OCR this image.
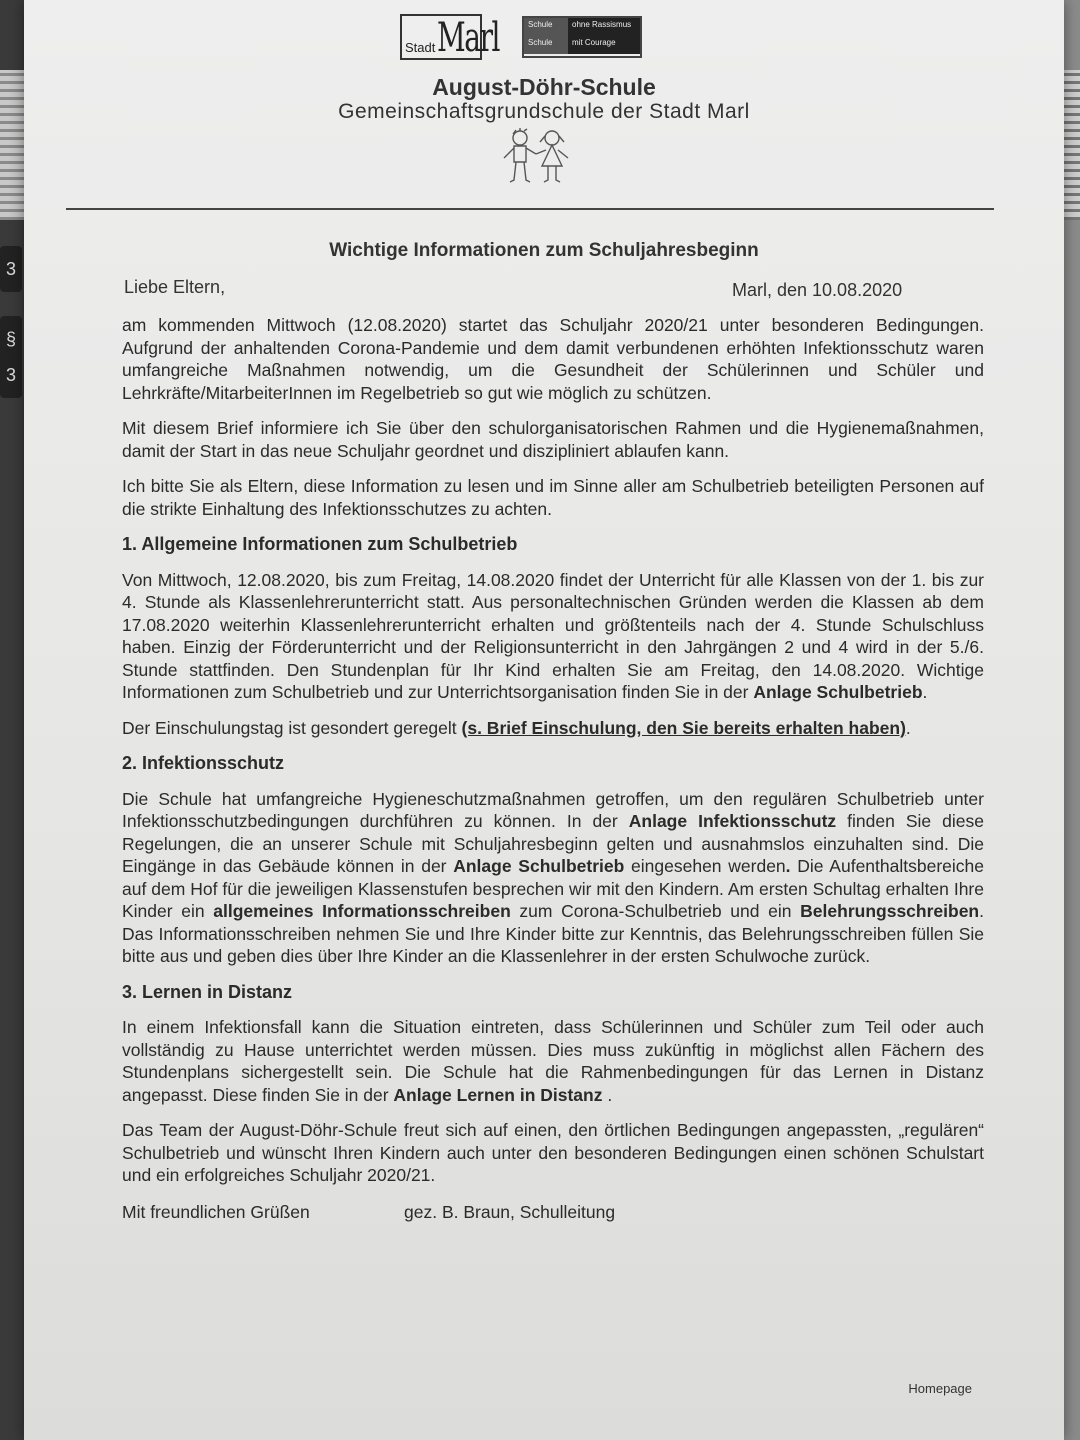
3
§
3
Stadt Marl	Schule	ohne Rassismus
Schule	mit Courage
August-Döhr-Schule
Gemeinschaftsgrundschule der Stadt Marl
Wichtige Informationen zum Schuljahresbeginn
Liebe Eltern,	Marl, den 10.08.2020

am kommenden Mittwoch (12.08.2020) startet das Schuljahr 2020/21 unter besonderen Bedingungen. Aufgrund der anhaltenden Corona-Pandemie und dem damit verbundenen erhöhten Infektionsschutz waren umfangreiche Maßnahmen notwendig, um die Gesundheit der Schülerinnen und Schüler und Lehrkräfte/MitarbeiterInnen im Regelbetrieb so gut wie möglich zu schützen.

Mit diesem Brief informiere ich Sie über den schulorganisatorischen Rahmen und die Hygienemaßnahmen, damit der Start in das neue Schuljahr geordnet und diszipliniert ablaufen kann.

Ich bitte Sie als Eltern, diese Information zu lesen und im Sinne aller am Schulbetrieb beteiligten Personen auf die strikte Einhaltung des Infektionsschutzes zu achten.

1. Allgemeine Informationen zum Schulbetrieb

Von Mittwoch, 12.08.2020, bis zum Freitag, 14.08.2020 findet der Unterricht für alle Klassen von der 1. bis zur 4. Stunde als Klassenlehrerunterricht statt. Aus personaltechnischen Gründen werden die Klassen ab dem 17.08.2020 weiterhin Klassenlehrerunterricht erhalten und größtenteils nach der 4. Stunde Schulschluss haben. Einzig der Förderunterricht und der Religionsunterricht in den Jahrgängen 2 und 4 wird in der 5./6. Stunde stattfinden. Den Stundenplan für Ihr Kind erhalten Sie am Freitag, den 14.08.2020. Wichtige Informationen zum Schulbetrieb und zur Unterrichtsorganisation finden Sie in der Anlage Schulbetrieb.

Der Einschulungstag ist gesondert geregelt (s. Brief Einschulung, den Sie bereits erhalten haben).

2. Infektionsschutz

Die Schule hat umfangreiche Hygieneschutzmaßnahmen getroffen, um den regulären Schulbetrieb unter Infektionsschutzbedingungen durchführen zu können. In der Anlage Infektionsschutz finden Sie diese Regelungen, die an unserer Schule mit Schuljahresbeginn gelten und ausnahmslos einzuhalten sind. Die Eingänge in das Gebäude können in der Anlage Schulbetrieb eingesehen werden. Die Aufenthaltsbereiche auf dem Hof für die jeweiligen Klassenstufen besprechen wir mit den Kindern. Am ersten Schultag erhalten Ihre Kinder ein allgemeines Informationsschreiben zum Corona-Schulbetrieb und ein Belehrungsschreiben. Das Informationsschreiben nehmen Sie und Ihre Kinder bitte zur Kenntnis, das Belehrungsschreiben füllen Sie bitte aus und geben dies über Ihre Kinder an die Klassenlehrer in der ersten Schulwoche zurück.

3. Lernen in Distanz

In einem Infektionsfall kann die Situation eintreten, dass Schülerinnen und Schüler zum Teil oder auch vollständig zu Hause unterrichtet werden müssen. Dies muss zukünftig in möglichst allen Fächern des Stundenplans sichergestellt sein. Die Schule hat die Rahmenbedingungen für das Lernen in Distanz angepasst. Diese finden Sie in der Anlage Lernen in Distanz .

Das Team der August-Döhr-Schule freut sich auf einen, den örtlichen Bedingungen angepassten, „regulären“ Schulbetrieb und wünscht Ihren Kindern auch unter den besonderen Bedingungen einen schönen Schulstart und ein erfolgreiches Schuljahr 2020/21.

Mit freundlichen Grüßen	gez. B. Braun, Schulleitung
Homepage
